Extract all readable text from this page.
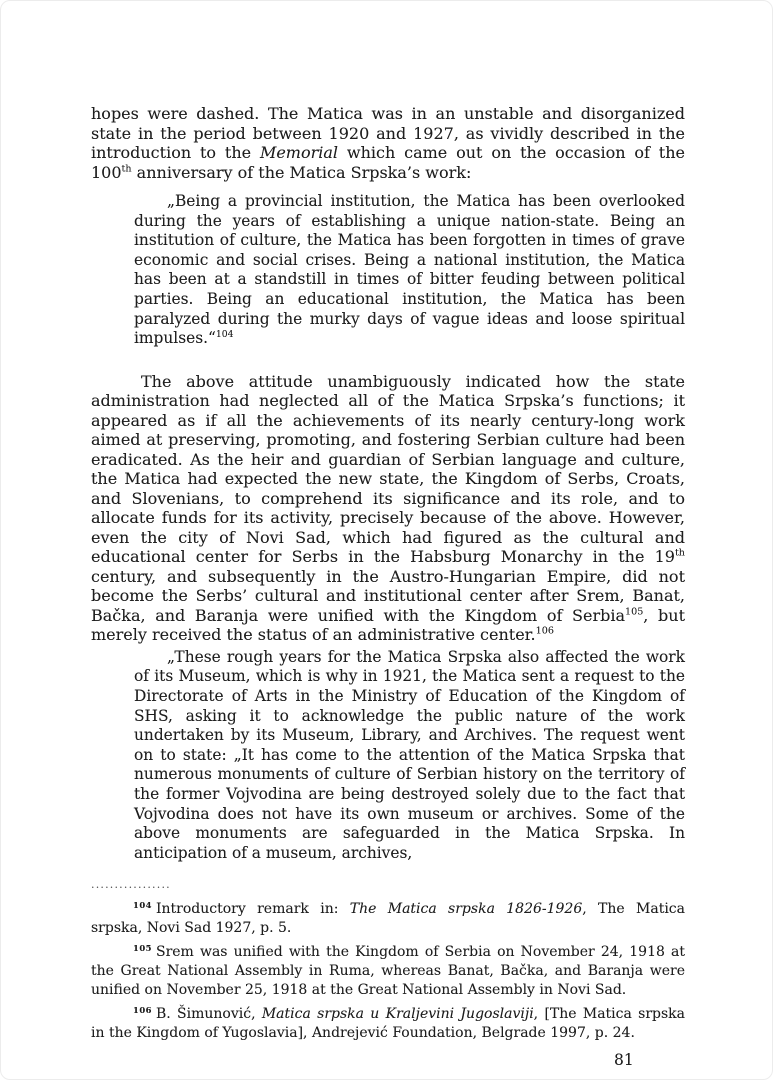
hopes were dashed. The Matica was in an unstable and disorganized state in the period between 1920 and 1927, as vividly described in the introduction to the Memorial which came out on the occasion of the 100th anniversary of the Matica Srpska’s work:

„Being a provincial institution, the Matica has been overlooked during the years of establishing a unique nation-state. Being an institution of culture, the Matica has been forgotten in times of grave economic and social crises. Being a national institution, the Matica has been at a standstill in times of bitter feuding between political parties. Being an educational institution, the Matica has been paralyzed during the murky days of vague ideas and loose spiritual impulses.“$^{104}$

The above attitude unambiguously indicated how the state administration had neglected all of the Matica Srpska’s functions; it appeared as if all the achievements of its nearly century-long work aimed at preserving, promoting, and fostering Serbian culture had been eradicated. As the heir and guardian of Serbian language and culture, the Matica had expected the new state, the Kingdom of Serbs, Croats, and Slovenians, to comprehend its significance and its role, and to allocate funds for its activity, precisely because of the above. However, even the city of Novi Sad, which had figured as the cultural and educational center for Serbs in the Habsburg Monarchy in the 19th century, and subsequently in the Austro-Hungarian Empire, did not become the Serbs’ cultural and institutional center after Srem, Banat, Bačka, and Baranja were unified with the Kingdom of Serbia$^{105}$, but merely received the status of an administrative center.$^{106}$

„These rough years for the Matica Srpska also affected the work of its Museum, which is why in 1921, the Matica sent a request to the Directorate of Arts in the Ministry of Education of the Kingdom of SHS, asking it to acknowledge the public nature of the work undertaken by its Museum, Library, and Archives. The request went on to state: „It has come to the attention of the Matica Srpska that numerous monuments of culture of Serbian history on the territory of the former Vojvodina are being destroyed solely due to the fact that Vojvodina does not have its own museum or archives. Some of the above monuments are safeguarded in the Matica Srpska. In anticipation of a museum, archives,

.................

$^{104}$ Introductory remark in: The Matica srpska 1826-1926, The Matica srpska, Novi Sad 1927, p. 5.

$^{105}$ Srem was unified with the Kingdom of Serbia on November 24, 1918 at the Great National Assembly in Ruma, whereas Banat, Bačka, and Baranja were unified on November 25, 1918 at the Great National Assembly in Novi Sad.

$^{106}$ B. Šimunović, Matica srpska u Kraljevini Jugoslaviji, [The Matica srpska in the Kingdom of Yugoslavia], Andrejević Foundation, Belgrade 1997, p. 24.

81
